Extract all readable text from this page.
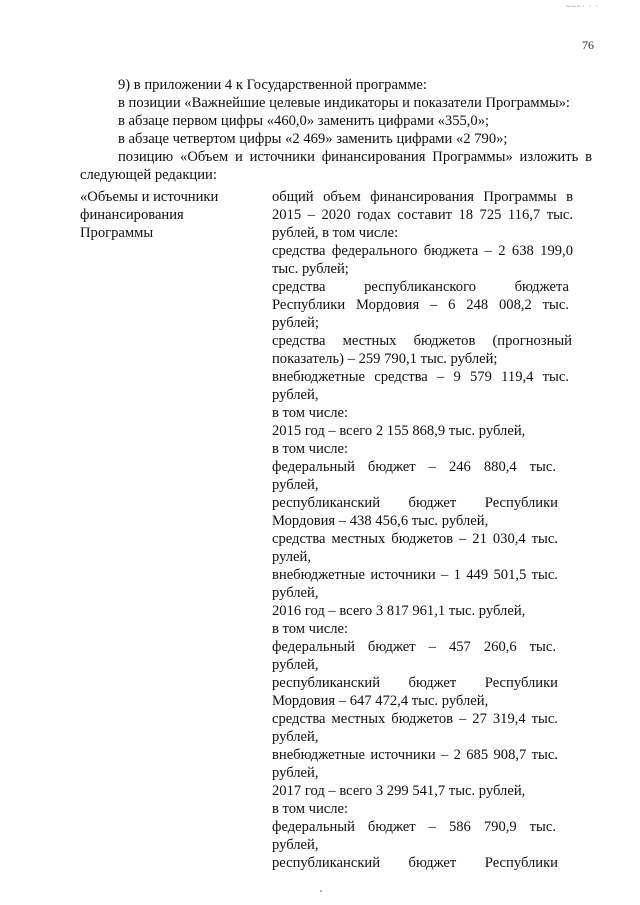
~~~· · ·
76
9) в приложении 4 к Государственной программе:
в позиции «Важнейшие целевые индикаторы и показатели Программы»:
в абзаце первом цифры «460,0» заменить цифрами «355,0»;
в абзаце четвертом цифры «2 469» заменить цифрами «2 790»;
позицию «Объем и источники финансирования Программы» изложить в
следующей редакции:
«Объемы и источники
финансирования
Программы
общий объем финансирования Программы в
2015 – 2020 годах составит 18 725 116,7 тыс.
рублей, в том числе:
средства федерального бюджета – 2 638 199,0
тыс. рублей;
средства республиканского бюджета
Республики Мордовия – 6 248 008,2 тыс.
рублей;
средства местных бюджетов (прогнозный
показатель) – 259 790,1 тыс. рублей;
внебюджетные средства – 9 579 119,4 тыс.
рублей,
в том числе:
2015 год – всего 2 155 868,9 тыс. рублей,
в том числе:
федеральный бюджет – 246 880,4 тыс.
рублей,
республиканский бюджет Республики
Мордовия – 438 456,6 тыс. рублей,
средства местных бюджетов – 21 030,4 тыс.
рулей,
внебюджетные источники – 1 449 501,5 тыс.
рублей,
2016 год – всего 3 817 961,1 тыс. рублей,
в том числе:
федеральный бюджет – 457 260,6 тыс.
рублей,
республиканский бюджет Республики
Мордовия – 647 472,4 тыс. рублей,
средства местных бюджетов – 27 319,4 тыс.
рублей,
внебюджетные источники – 2 685 908,7 тыс.
рублей,
2017 год – всего 3 299 541,7 тыс. рублей,
в том числе:
федеральный бюджет – 586 790,9 тыс.
рублей,
республиканский бюджет Республики
